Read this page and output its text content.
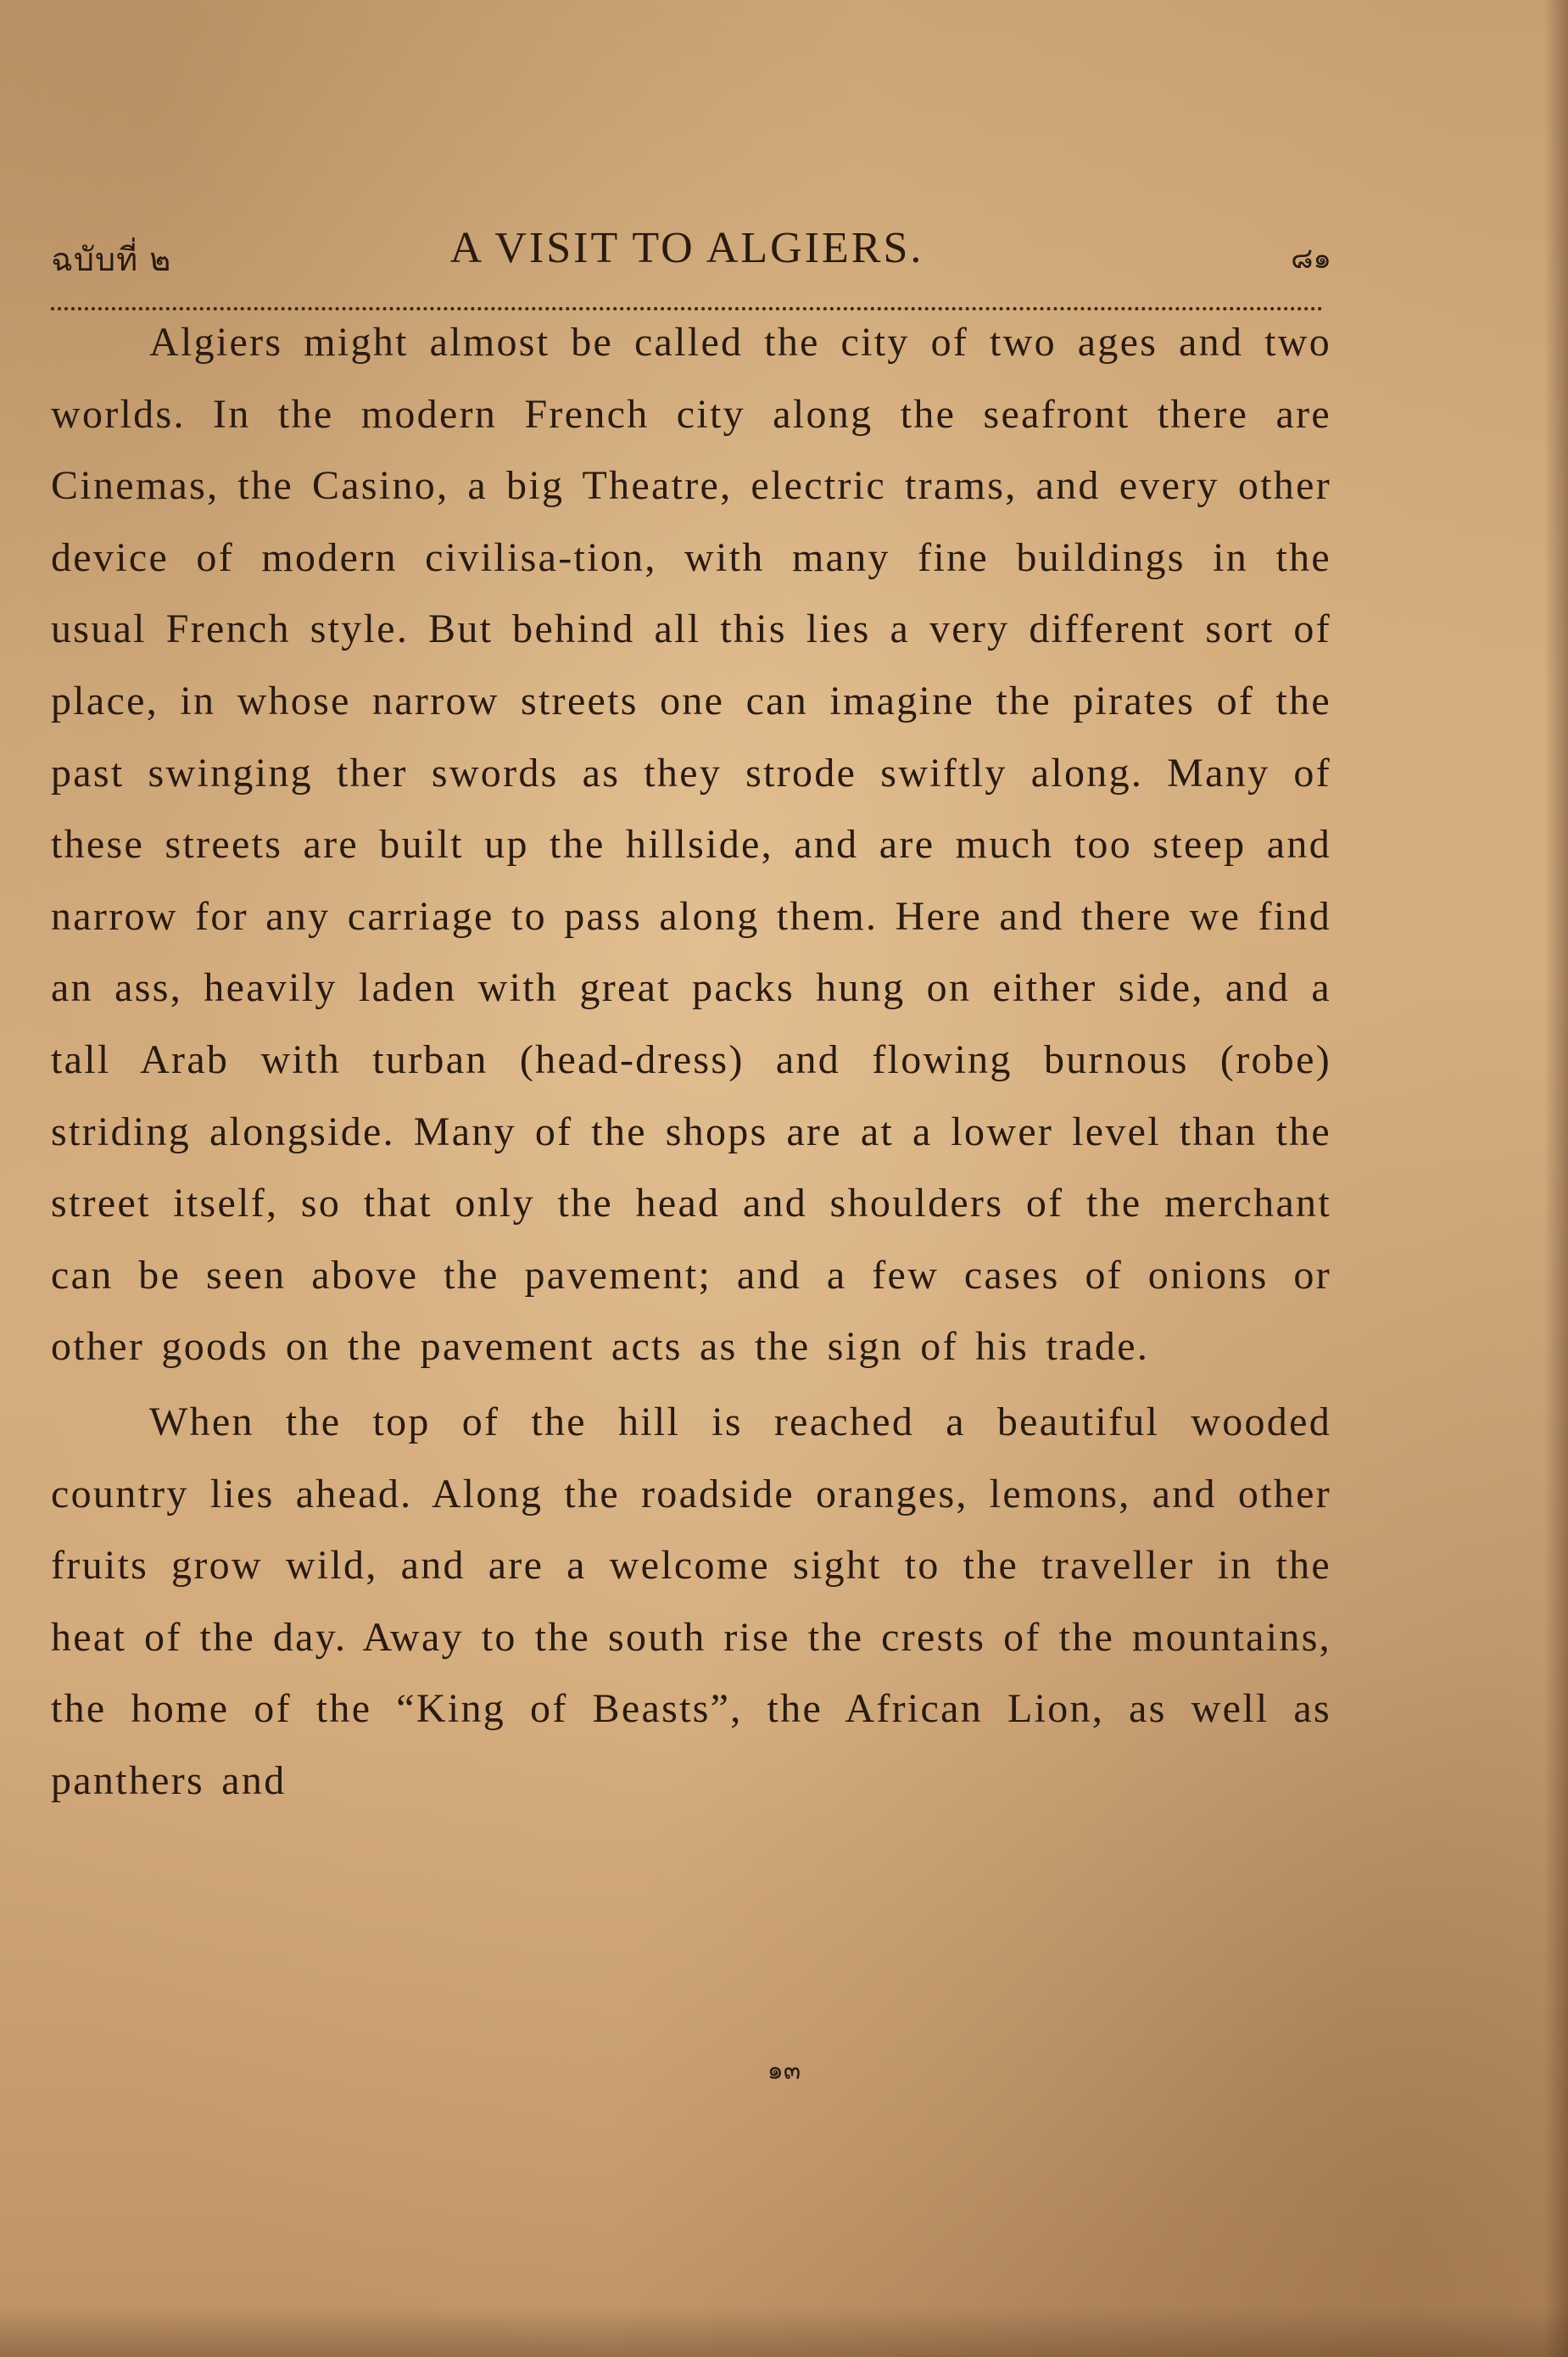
ฉบับที่ ๒	A VISIT TO ALGIERS.	๘๑

Algiers might almost be called the city of two ages and two worlds. In the modern French city along the seafront there are Cinemas, the Casino, a big Theatre, electric trams, and every other device of modern civilisa-tion, with many fine buildings in the usual French style. But behind all this lies a very different sort of place, in whose narrow streets one can imagine the pirates of the past swinging ther swords as they strode swiftly along. Many of these streets are built up the hillside, and are much too steep and narrow for any carriage to pass along them. Here and there we find an ass, heavily laden with great packs hung on either side, and a tall Arab with turban (head-dress) and flowing burnous (robe) striding alongside. Many of the shops are at a lower level than the street itself, so that only the head and shoulders of the merchant can be seen above the pavement; and a few cases of onions or other goods on the pavement acts as the sign of his trade.

When the top of the hill is reached a beautiful wooded country lies ahead. Along the roadside oranges, lemons, and other fruits grow wild, and are a welcome sight to the traveller in the heat of the day. Away to the south rise the crests of the mountains, the home of the “King of Beasts”, the African Lion, as well as panthers and

๑๓
